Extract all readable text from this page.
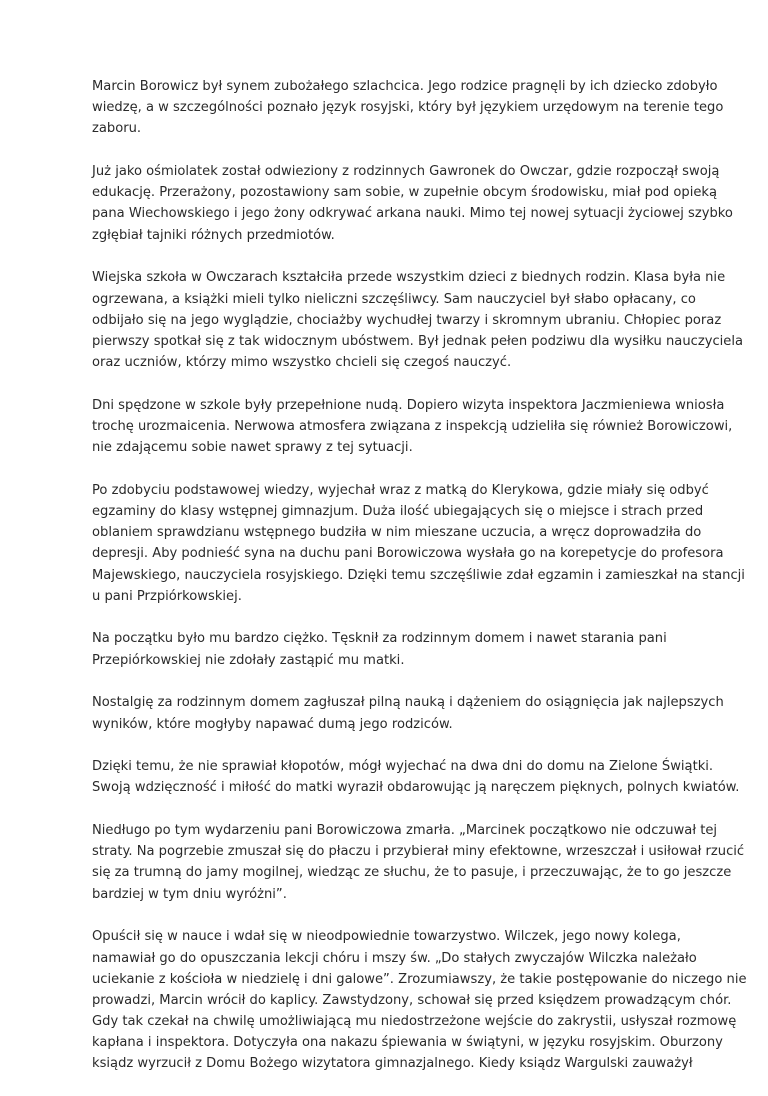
Marcin Borowicz był synem zubożałego szlachcica. Jego rodzice pragnęli by ich dziecko zdobyło
wiedzę, a w szczególności poznało język rosyjski, który był językiem urzędowym na terenie tego
zaboru.

Już jako ośmiolatek został odwieziony z rodzinnych Gawronek do Owczar, gdzie rozpoczął swoją
edukację. Przerażony, pozostawiony sam sobie, w zupełnie obcym środowisku, miał pod opieką
pana Wiechowskiego i jego żony odkrywać arkana nauki. Mimo tej nowej sytuacji życiowej szybko
zgłębiał tajniki różnych przedmiotów.

Wiejska szkoła w Owczarach kształciła przede wszystkim dzieci z biednych rodzin. Klasa była nie
ogrzewana, a książki mieli tylko nieliczni szczęśliwcy. Sam nauczyciel był słabo opłacany, co
odbijało się na jego wyglądzie, chociażby wychudłej twarzy i skromnym ubraniu. Chłopiec poraz
pierwszy spotkał się z tak widocznym ubóstwem. Był jednak pełen podziwu dla wysiłku nauczyciela
oraz uczniów, którzy mimo wszystko chcieli się czegoś nauczyć.

Dni spędzone w szkole były przepełnione nudą. Dopiero wizyta inspektora Jaczmieniewa wniosła
trochę urozmaicenia. Nerwowa atmosfera związana z inspekcją udzieliła się również Borowiczowi,
nie zdającemu sobie nawet sprawy z tej sytuacji.

Po zdobyciu podstawowej wiedzy, wyjechał wraz z matką do Klerykowa, gdzie miały się odbyć
egzaminy do klasy wstępnej gimnazjum. Duża ilość ubiegających się o miejsce i strach przed
oblaniem sprawdzianu wstępnego budziła w nim mieszane uczucia, a wręcz doprowadziła do
depresji. Aby podnieść syna na duchu pani Borowiczowa wysłała go na korepetycje do profesora
Majewskiego, nauczyciela rosyjskiego. Dzięki temu szczęśliwie zdał egzamin i zamieszkał na stancji
u pani Przpiórkowskiej.

Na początku było mu bardzo ciężko. Tęsknił za rodzinnym domem i nawet starania pani
Przepiórkowskiej nie zdołały zastąpić mu matki.

Nostalgię za rodzinnym domem zagłuszał pilną nauką i dążeniem do osiągnięcia jak najlepszych
wyników, które mogłyby napawać dumą jego rodziców.

Dzięki temu, że nie sprawiał kłopotów, mógł wyjechać na dwa dni do domu na Zielone Świątki.
Swoją wdzięczność i miłość do matki wyraził obdarowując ją naręczem pięknych, polnych kwiatów.

Niedługo po tym wydarzeniu pani Borowiczowa zmarła. „Marcinek początkowo nie odczuwał tej
straty. Na pogrzebie zmuszał się do płaczu i przybierał miny efektowne, wrzeszczał i usiłował rzucić
się za trumną do jamy mogilnej, wiedząc ze słuchu, że to pasuje, i przeczuwając, że to go jeszcze
bardziej w tym dniu wyróżni”.

Opuścił się w nauce i wdał się w nieodpowiednie towarzystwo. Wilczek, jego nowy kolega,
namawiał go do opuszczania lekcji chóru i mszy św. „Do stałych zwyczajów Wilczka należało
uciekanie z kościoła w niedzielę i dni galowe”. Zrozumiawszy, że takie postępowanie do niczego nie
prowadzi, Marcin wrócił do kaplicy. Zawstydzony, schował się przed księdzem prowadzącym chór.
Gdy tak czekał na chwilę umożliwiającą mu niedostrzeżone wejście do zakrystii, usłyszał rozmowę
kapłana i inspektora. Dotyczyła ona nakazu śpiewania w świątyni, w języku rosyjskim. Oburzony
ksiądz wyrzucił z Domu Bożego wizytatora gimnazjalnego. Kiedy ksiądz Wargulski zauważył
